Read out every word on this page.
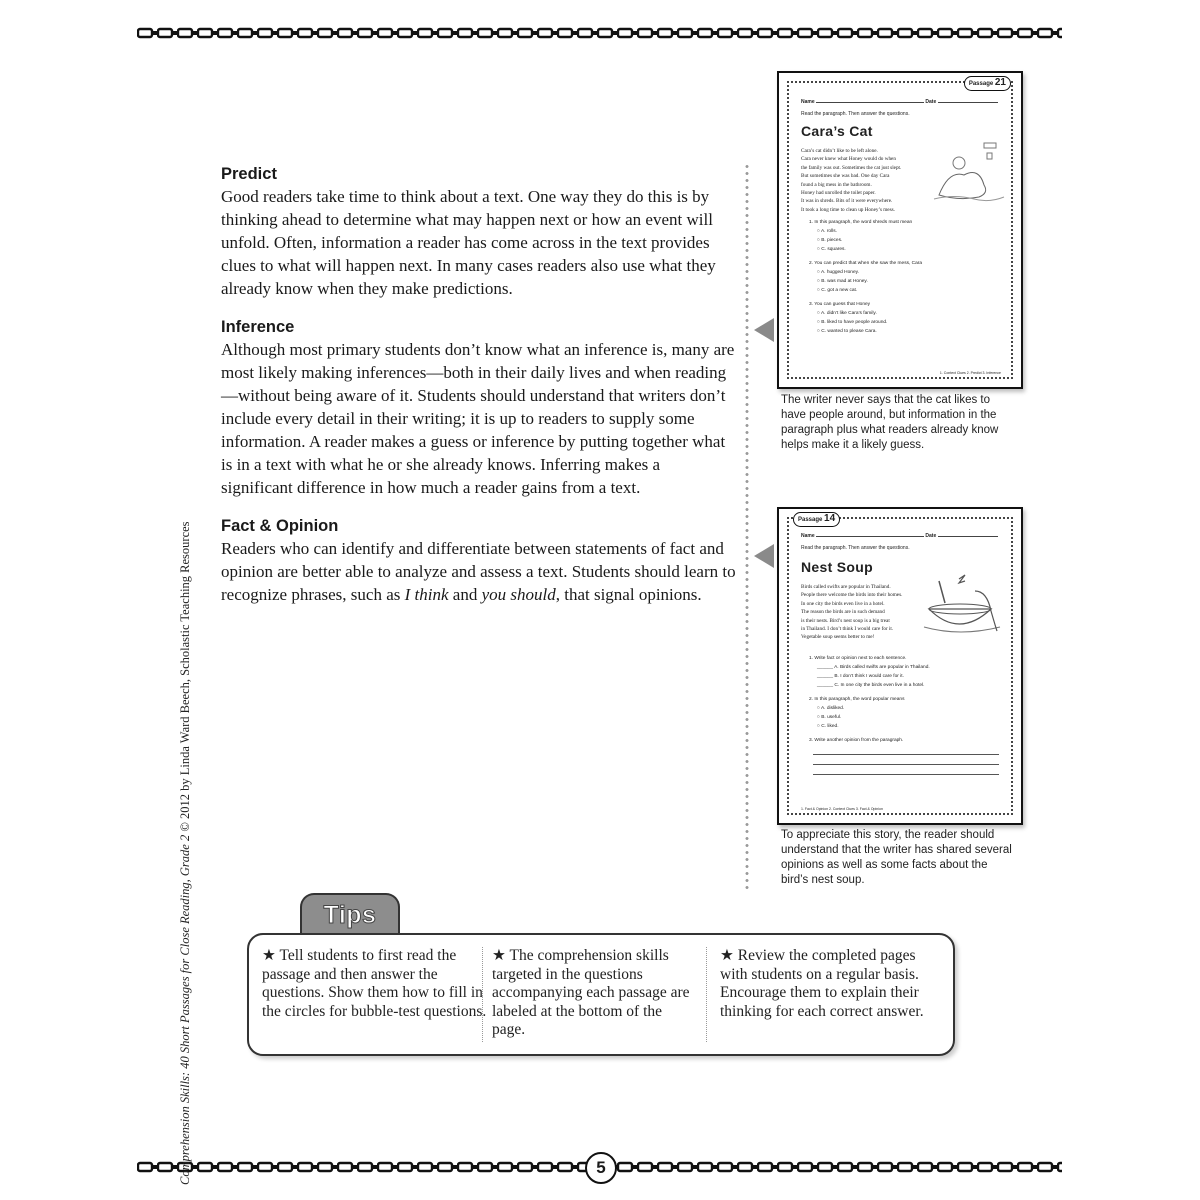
5
Comprehension Skills: 40 Short Passages for Close Reading, Grade 2 © 2012 by Linda Ward Beech, Scholastic Teaching Resources
Predict

Good readers take time to think about a text. One way they do this is by thinking ahead to determine what may happen next or how an event will unfold. Often, information a reader has come across in the text provides clues to what will happen next. In many cases readers also use what they already know when they make predictions.

Inference

Although most primary students don’t know what an inference is, many are most likely making inferences—both in their daily lives and when reading—without being aware of it. Students should understand that writers don’t include every detail in their writing; it is up to readers to supply some information. A reader makes a guess or inference by putting together what is in a text with what he or she already knows. Inferring makes a significant difference in how much a reader gains from a text.

Fact & Opinion

Readers who can identify and differentiate between statements of fact and opinion are better able to analyze and assess a text. Students should learn to recognize phrases, such as I think and you should, that signal opinions.

Passage 21
Name	Date
Read the paragraph. Then answer the questions.
Cara’s Cat
Cara’s cat didn’t like to be left alone.
Cara never knew what Honey would do when
the family was out. Sometimes the cat just slept.
But sometimes she was bad. One day Cara
found a big mess in the bathroom.
Honey had unrolled the toilet paper.
It was in shreds. Bits of it were everywhere.
It took a long time to clean up Honey’s mess.
1. In this paragraph, the word shreds must mean
○ A. rolls.
○ B. pieces.
○ C. squares.
2. You can predict that when she saw the mess, Cara
○ A. hugged Honey.
○ B. was mad at Honey.
○ C. got a new cat.
3. You can guess that Honey
○ A. didn’t like Cara’s family.
○ B. liked to have people around.
○ C. wanted to please Cara.
1. Context Clues 2. Predict 3. Inference
The writer never says that the cat likes to have people around, but information in the paragraph plus what readers already know helps make it a likely guess.
Passage 14
Name	Date
Read the paragraph. Then answer the questions.
Nest Soup
Birds called swifts are popular in Thailand.
People there welcome the birds into their homes.
In one city the birds even live in a hotel.
The reason the birds are in such demand
is their nests. Bird’s nest soup is a big treat
in Thailand. I don’t think I would care for it.
Vegetable soup seems better to me!
1. Write fact or opinion next to each sentence.
______ A. Birds called swifts are popular in Thailand.
______ B. I don’t think I would care for it.
______ C. In one city the birds even live in a hotel.
2. In this paragraph, the word popular means
○ A. disliked.
○ B. useful.
○ C. liked.
3. Write another opinion from the paragraph.
1. Fact & Opinion 2. Context Clues 3. Fact & Opinion
To appreciate this story, the reader should understand that the writer has shared several opinions as well as some facts about the bird’s nest soup.
Tips
★ Tell students to first read the passage and then answer the questions. Show them how to fill in the circles for bubble-test questions.
★ The comprehension skills targeted in the questions accompanying each passage are labeled at the bottom of the page.
★ Review the completed pages with students on a regular basis. Encourage them to explain their thinking for each correct answer.
